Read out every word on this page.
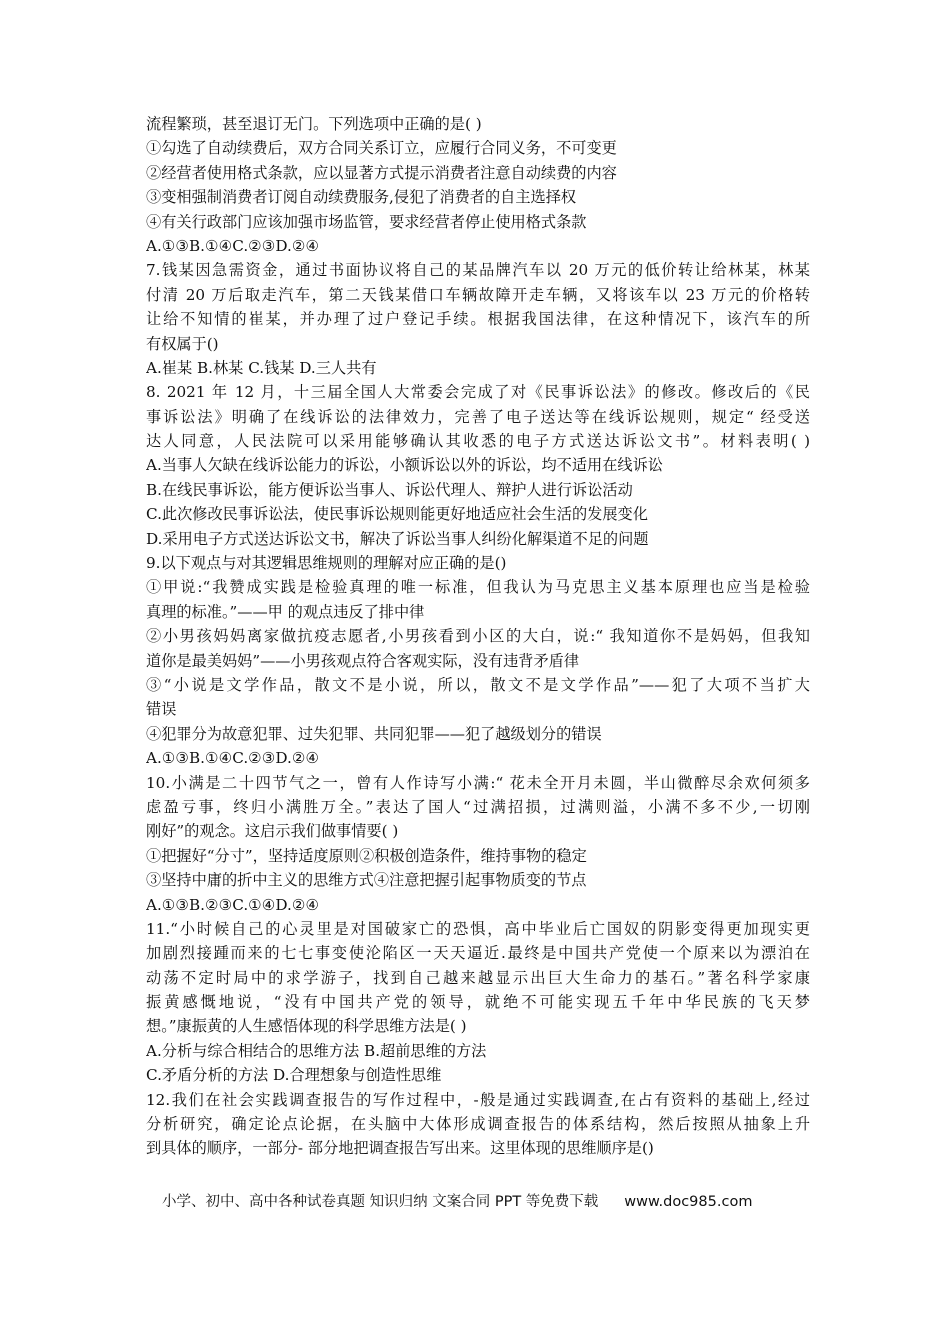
流程繁琐，甚至退订无门。下列选项中正确的是( )
①勾选了自动续费后，双方合同关系订立，应履行合同义务，不可变更
②经营者使用格式条款，应以显著方式提示消费者注意自动续费的内容
③变相强制消费者订阅自动续费服务,侵犯了消费者的自主选择权
④有关行政部门应该加强市场监管，要求经营者停止使用格式条款
A.①③B.①④C.②③D.②④
7.钱某因急需资金，通过书面协议将自己的某品牌汽车以 20 万元的低价转让给林某，林某
付清 20 万后取走汽车，第二天钱某借口车辆故障开走车辆，又将该车以 23 万元的价格转
让给不知情的崔某，并办理了过户登记手续。根据我国法律，在这种情况下，该汽车的所
有权属于()
A.崔某 B.林某 C.钱某 D.三人共有
8. 2021 年 12 月，十三届全国人大常委会完成了对《民事诉讼法》的修改。修改后的《民
事诉讼法》明确了在线诉讼的法律效力，完善了电子送达等在线诉讼规则，规定“ 经受送
达人同意，人民法院可以采用能够确认其收悉的电子方式送达诉讼文书”。材料表明( )
A.当事人欠缺在线诉讼能力的诉讼，小额诉讼以外的诉讼，均不适用在线诉讼
B.在线民事诉讼，能方便诉讼当事人、诉讼代理人、辩护人进行诉讼活动
C.此次修改民事诉讼法，使民事诉讼规则能更好地适应社会生活的发展变化
D.采用电子方式送达诉讼文书，解决了诉讼当事人纠纷化解渠道不足的问题
9.以下观点与对其逻辑思维规则的理解对应正确的是()
①甲说:“我赞成实践是检验真理的唯一标准，但我认为马克思主义基本原理也应当是检验
真理的标准。”——甲 的观点违反了排中律
②小男孩妈妈离家做抗疫志愿者,小男孩看到小区的大白，说:“ 我知道你不是妈妈，但我知
道你是最美妈妈”——小男孩观点符合客观实际，没有违背矛盾律
③“小说是文学作品，散文不是小说，所以，散文不是文学作品”——犯了大项不当扩大
错误
④犯罪分为故意犯罪、过失犯罪、共同犯罪——犯了越级划分的错误
A.①③B.①④C.②③D.②④
10.小满是二十四节气之一，曾有人作诗写小满:“ 花未全开月未圆，半山微醉尽余欢何须多
虑盈亏事，终归小满胜万全。”表达了国人“过满招损，过满则溢，小满不多不少,一切刚
刚好”的观念。这启示我们做事情要( )
①把握好“分寸”，坚持适度原则②积极创造条件，维持事物的稳定
③坚持中庸的折中主义的思维方式④注意把握引起事物质变的节点
A.①③B.②③C.①④D.②④
11.“小时候自己的心灵里是对国破家亡的恐惧，高中毕业后亡国奴的阴影变得更加现实更
加剧烈接踵而来的七七事变使沦陷区一天天逼近.最终是中国共产党使一个原来以为漂泊在
动荡不定时局中的求学游子，找到自己越来越显示出巨大生命力的基石。”著名科学家康
振黄感慨地说，“没有中国共产党的领导，就绝不可能实现五千年中华民族的飞天梦
想。”康振黄的人生感悟体现的科学思维方法是( )
A.分析与综合相结合的思维方法 B.超前思维的方法
C.矛盾分析的方法 D.合理想象与创造性思维
12.我们在社会实践调查报告的写作过程中，-般是通过实践调查,在占有资料的基础上,经过
分析研究，确定论点论据，在头脑中大体形成调查报告的体系结构，然后按照从抽象上升
到具体的顺序，一部分- 部分地把调查报告写出来。这里体现的思维顺序是()
小学、初中、高中各种试卷真题 知识归纳 文案合同 PPT 等免费下载 www.doc985.com
